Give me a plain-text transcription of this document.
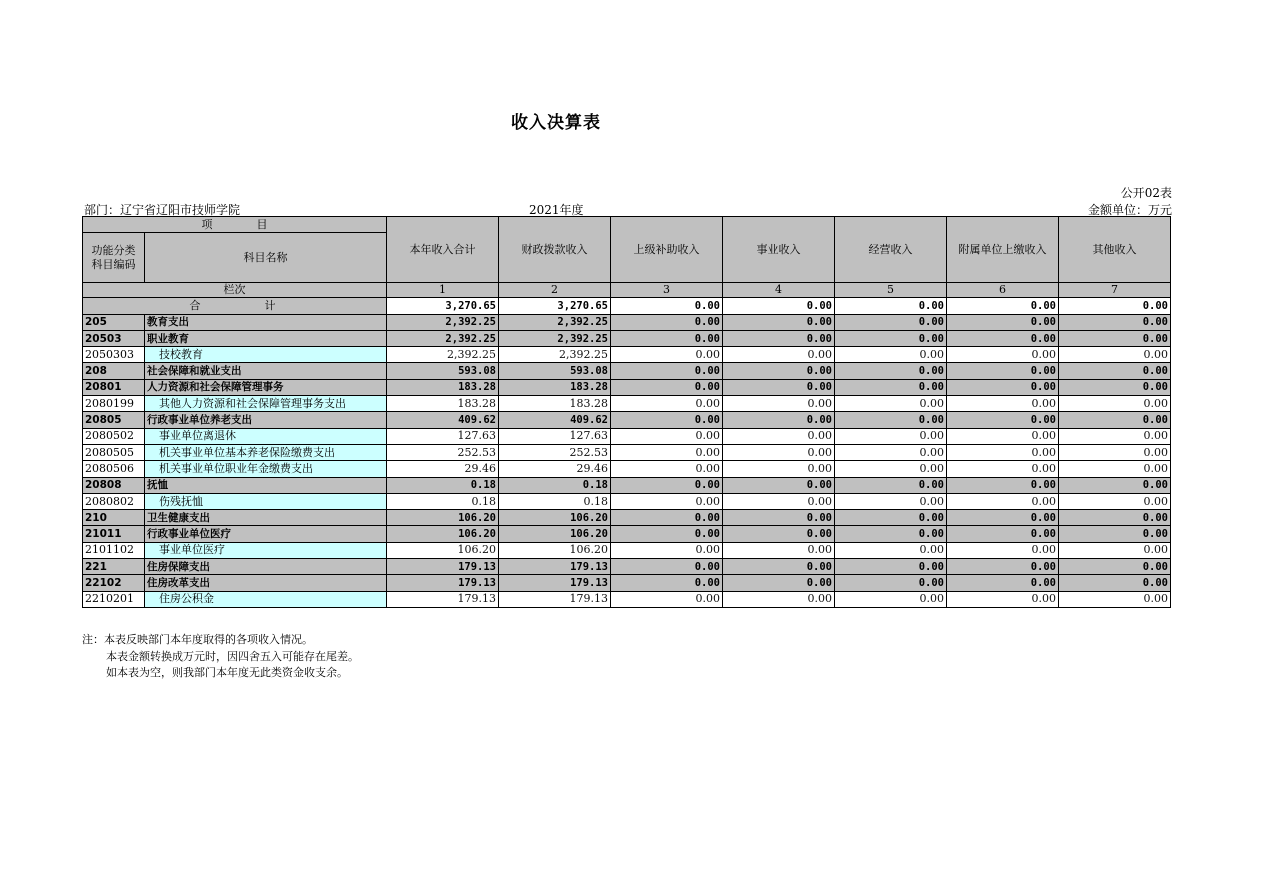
收入决算表
公开02表
部门：辽宁省辽阳市技师学院	2021年度	金额单位：万元
项　　　　目		本年收入合计	财政拨款收入	上级补助收入	事业收入	经营收入	附属单位上缴收入	其他收入
功能分类
科目编码	科目名称							
栏次		1	2	3	4	5	6	7
合　　　　计		3,270.65	3,270.65	0.00	0.00	0.00	0.00	0.00
205	教育支出	2,392.25	2,392.25	0.00	0.00	0.00	0.00	0.00
20503	职业教育	2,392.25	2,392.25	0.00	0.00	0.00	0.00	0.00
2050303	技校教育	2,392.25	2,392.25	0.00	0.00	0.00	0.00	0.00
208	社会保障和就业支出	593.08	593.08	0.00	0.00	0.00	0.00	0.00
20801	人力资源和社会保障管理事务	183.28	183.28	0.00	0.00	0.00	0.00	0.00
2080199	其他人力资源和社会保障管理事务支出	183.28	183.28	0.00	0.00	0.00	0.00	0.00
20805	行政事业单位养老支出	409.62	409.62	0.00	0.00	0.00	0.00	0.00
2080502	事业单位离退休	127.63	127.63	0.00	0.00	0.00	0.00	0.00
2080505	机关事业单位基本养老保险缴费支出	252.53	252.53	0.00	0.00	0.00	0.00	0.00
2080506	机关事业单位职业年金缴费支出	29.46	29.46	0.00	0.00	0.00	0.00	0.00
20808	抚恤	0.18	0.18	0.00	0.00	0.00	0.00	0.00
2080802	伤残抚恤	0.18	0.18	0.00	0.00	0.00	0.00	0.00
210	卫生健康支出	106.20	106.20	0.00	0.00	0.00	0.00	0.00
21011	行政事业单位医疗	106.20	106.20	0.00	0.00	0.00	0.00	0.00
2101102	事业单位医疗	106.20	106.20	0.00	0.00	0.00	0.00	0.00
221	住房保障支出	179.13	179.13	0.00	0.00	0.00	0.00	0.00
22102	住房改革支出	179.13	179.13	0.00	0.00	0.00	0.00	0.00
2210201	住房公积金	179.13	179.13	0.00	0.00	0.00	0.00	0.00
注：本表反映部门本年度取得的各项收入情况。
本表金额转换成万元时，因四舍五入可能存在尾差。
如本表为空，则我部门本年度无此类资金收支余。
